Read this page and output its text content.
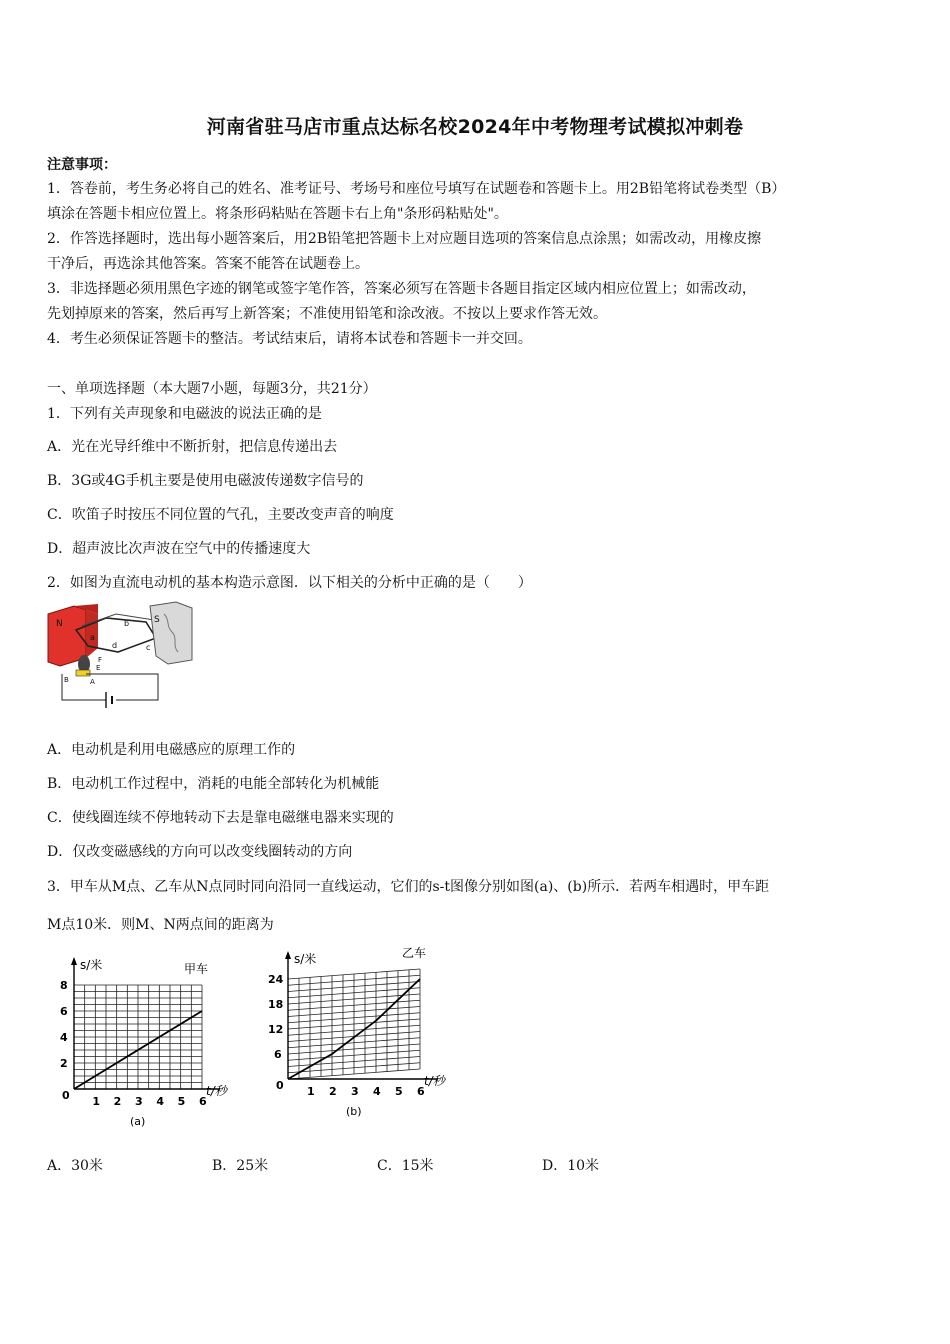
河南省驻马店市重点达标名校2024年中考物理考试模拟冲刺卷
注意事项：
1．答卷前，考生务必将自己的姓名、准考证号、考场号和座位号填写在试题卷和答题卡上。用2B铅笔将试卷类型（B）
填涂在答题卡相应位置上。将条形码粘贴在答题卡右上角"条形码粘贴处"。
2．作答选择题时，选出每小题答案后，用2B铅笔把答题卡上对应题目选项的答案信息点涂黑；如需改动，用橡皮擦
干净后，再选涂其他答案。答案不能答在试题卷上。
3．非选择题必须用黑色字迹的钢笔或签字笔作答，答案必须写在答题卡各题目指定区域内相应位置上；如需改动，
先划掉原来的答案，然后再写上新答案；不准使用铅笔和涂改液。不按以上要求作答无效。
4．考生必须保证答题卡的整洁。考试结束后，请将本试卷和答题卡一并交回。
一、单项选择题（本大题7小题，每题3分，共21分）
1．下列有关声现象和电磁波的说法正确的是
A．光在光导纤维中不断折射，把信息传递出去
B．3G或4G手机主要是使用电磁波传递数字信号的
C．吹笛子时按压不同位置的气孔，主要改变声音的响度
D．超声波比次声波在空气中的传播速度大
2．如图为直流电动机的基本构造示意图．以下相关的分析中正确的是（　　）
N	b
c
a
d
S
E
F
B	A
A．电动机是利用电磁感应的原理工作的
B．电动机工作过程中，消耗的电能全部转化为机械能
C．使线圈连续不停地转动下去是靠电磁继电器来实现的
D．仅改变磁感线的方向可以改变线圈转动的方向
3．甲车从M点、乙车从N点同时同向沿同一直线运动，它们的s-t图像分别如图(a)、(b)所示．若两车相遇时，甲车距
M点10米．则M、N两点间的距离为
1 2 3 4 5 6
2
4
6
8
0
s/米
t/秒
甲车
(a)
1 2 3 4 5 6
6
12
18
24
0
s/米
t/秒
乙车
(b)
A．30米	B．25米	C．15米	D．10米
